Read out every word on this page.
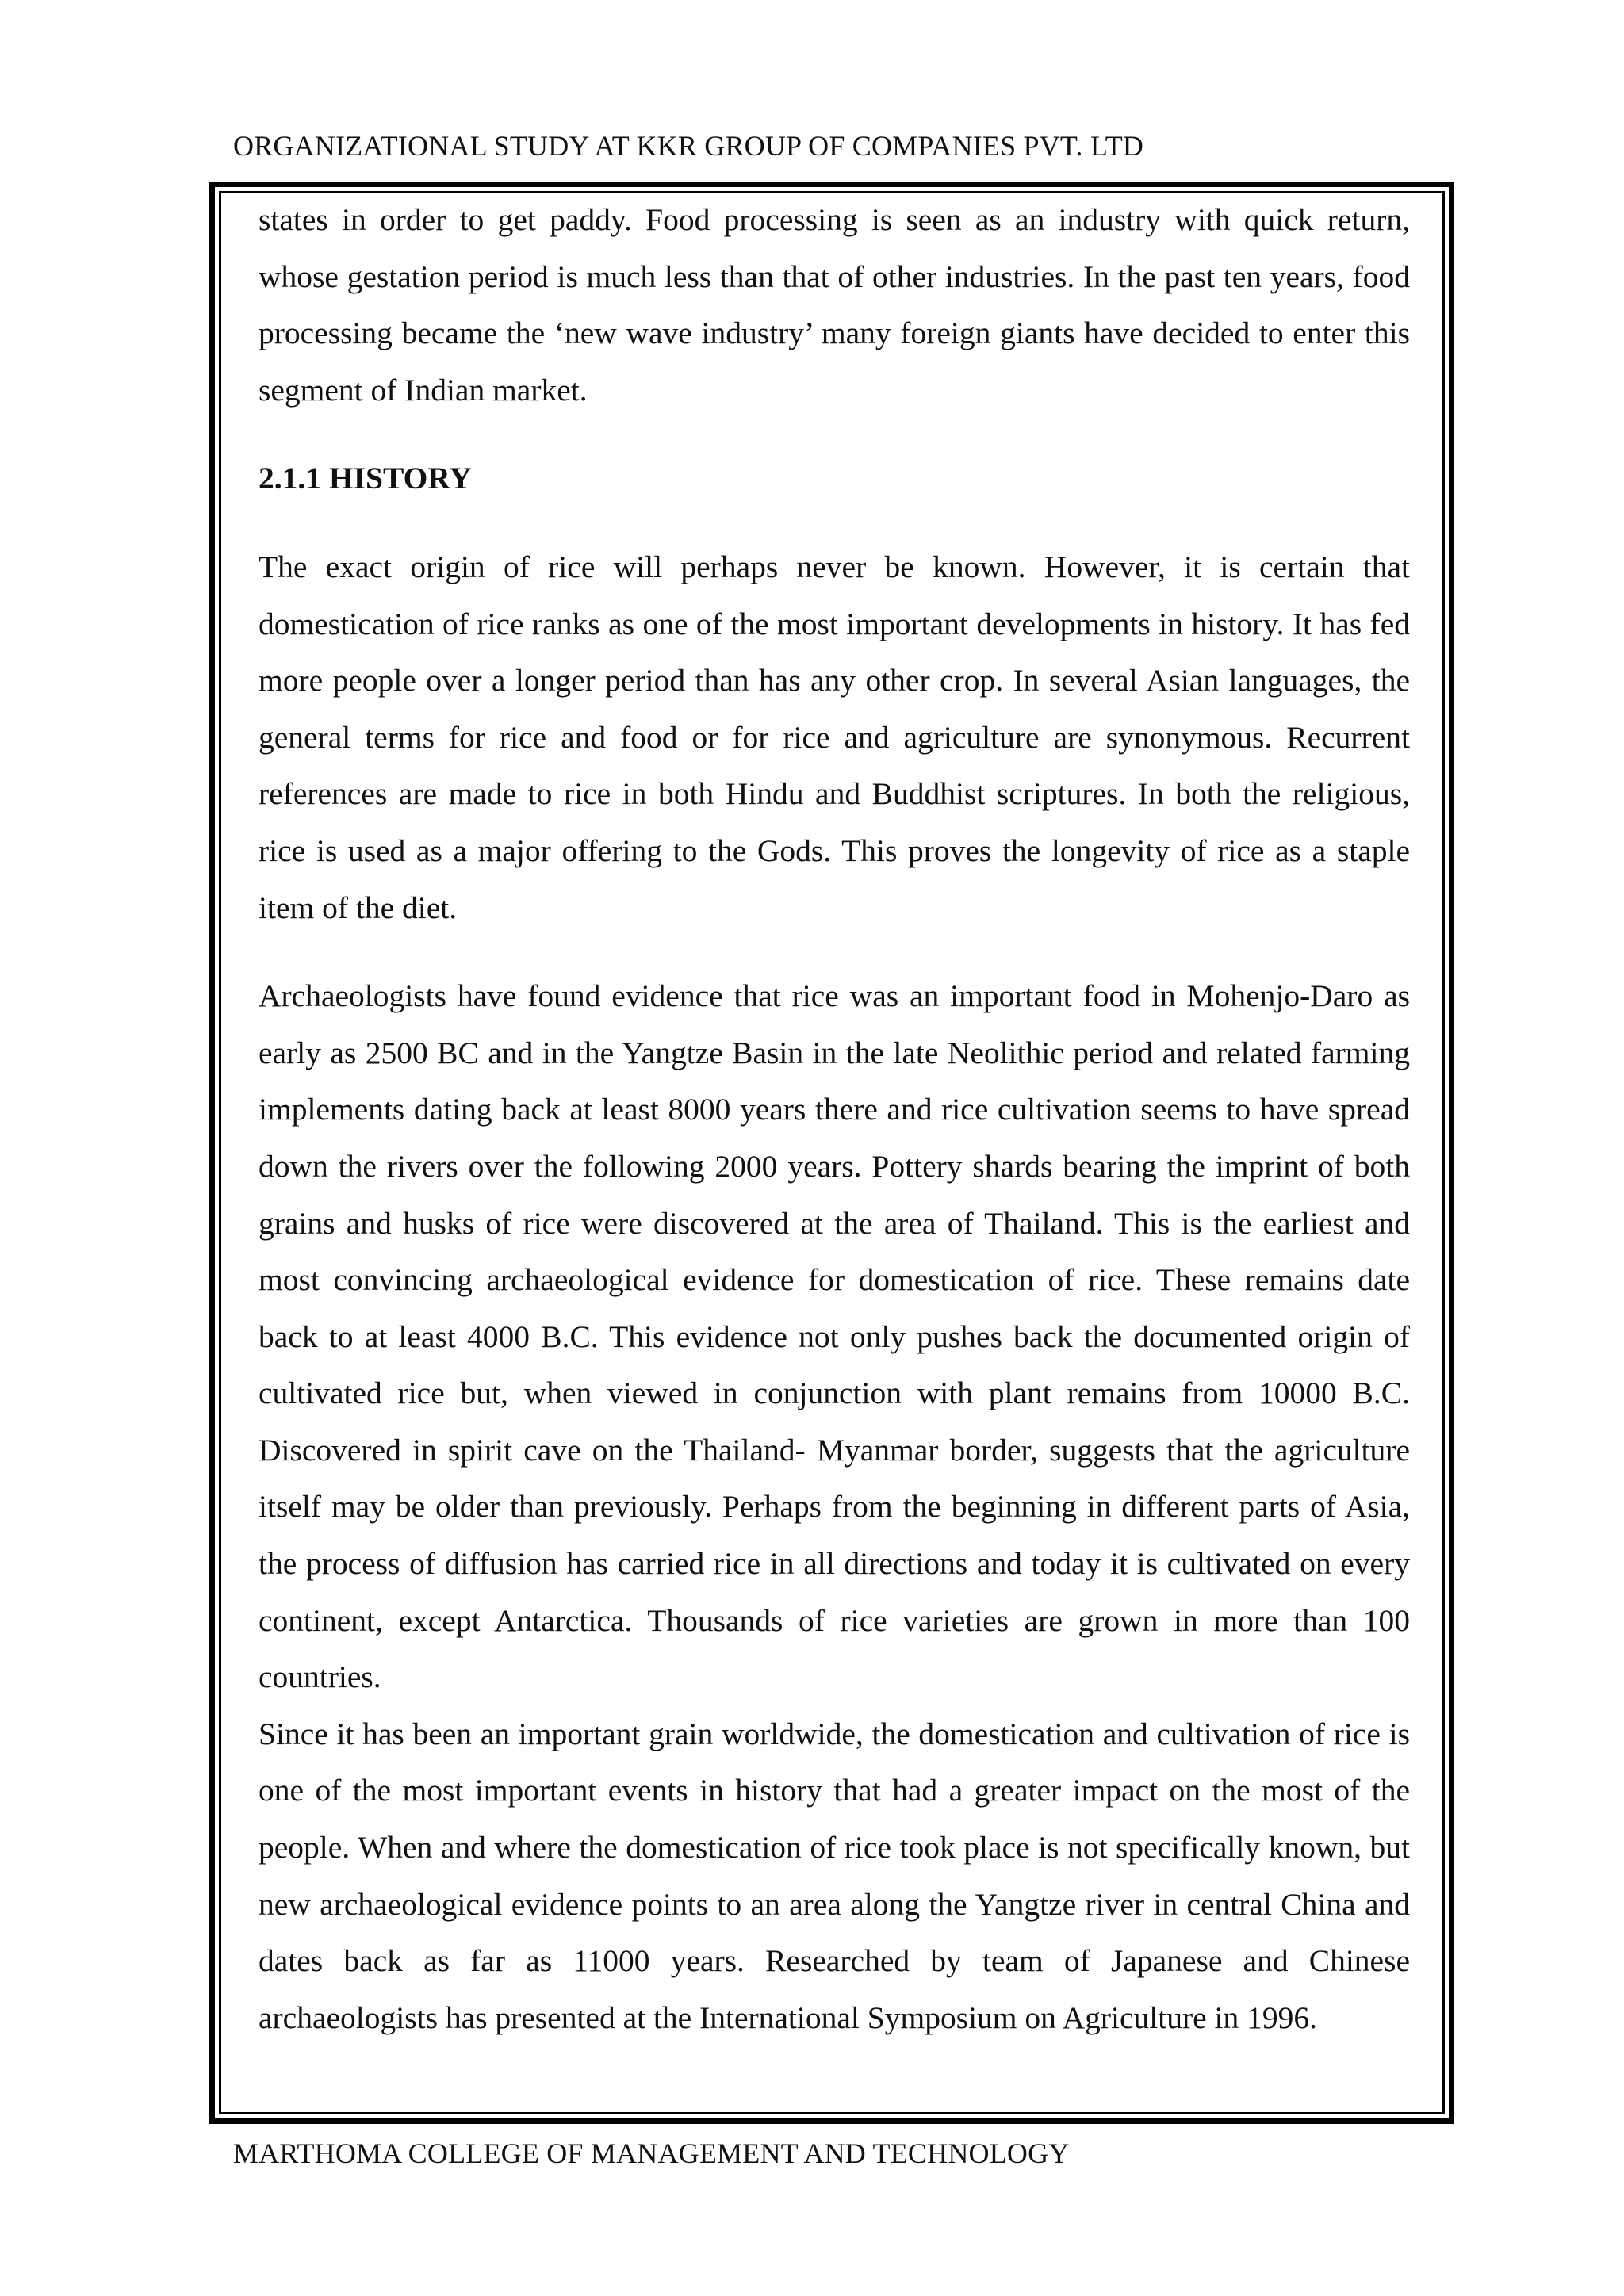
ORGANIZATIONAL STUDY AT KKR GROUP OF COMPANIES PVT. LTD

states in order to get paddy. Food processing is seen as an industry with quick return, whose gestation period is much less than that of other industries. In the past ten years, food processing became the ‘new wave industry’ many foreign giants have decided to enter this segment of Indian market.

2.1.1 HISTORY

The exact origin of rice will perhaps never be known. However, it is certain that domestication of rice ranks as one of the most important developments in history. It has fed more people over a longer period than has any other crop. In several Asian languages, the general terms for rice and food or for rice and agriculture are synonymous. Recurrent references are made to rice in both Hindu and Buddhist scriptures. In both the religious, rice is used as a major offering to the Gods. This proves the longevity of rice as a staple item of the diet.

Archaeologists have found evidence that rice was an important food in Mohenjo-Daro as early as 2500 BC and in the Yangtze Basin in the late Neolithic period and related farming implements dating back at least 8000 years there and rice cultivation seems to have spread down the rivers over the following 2000 years. Pottery shards bearing the imprint of both grains and husks of rice were discovered at the area of Thailand. This is the earliest and most convincing archaeological evidence for domestication of rice. These remains date back to at least 4000 B.C. This evidence not only pushes back the documented origin of cultivated rice but, when viewed in conjunction with plant remains from 10000 B.C. Discovered in spirit cave on the Thailand- Myanmar border, suggests that the agriculture itself may be older than previously. Perhaps from the beginning in different parts of Asia, the process of diffusion has carried rice in all directions and today it is cultivated on every continent, except Antarctica. Thousands of rice varieties are grown in more than 100 countries.

Since it has been an important grain worldwide, the domestication and cultivation of rice is one of the most important events in history that had a greater impact on the most of the people. When and where the domestication of rice took place is not specifically known, but new archaeological evidence points to an area along the Yangtze river in central China and dates back as far as 11000 years. Researched by team of Japanese and Chinese archaeologists has presented at the International Symposium on Agriculture in 1996.

MARTHOMA COLLEGE OF MANAGEMENT AND TECHNOLOGY
